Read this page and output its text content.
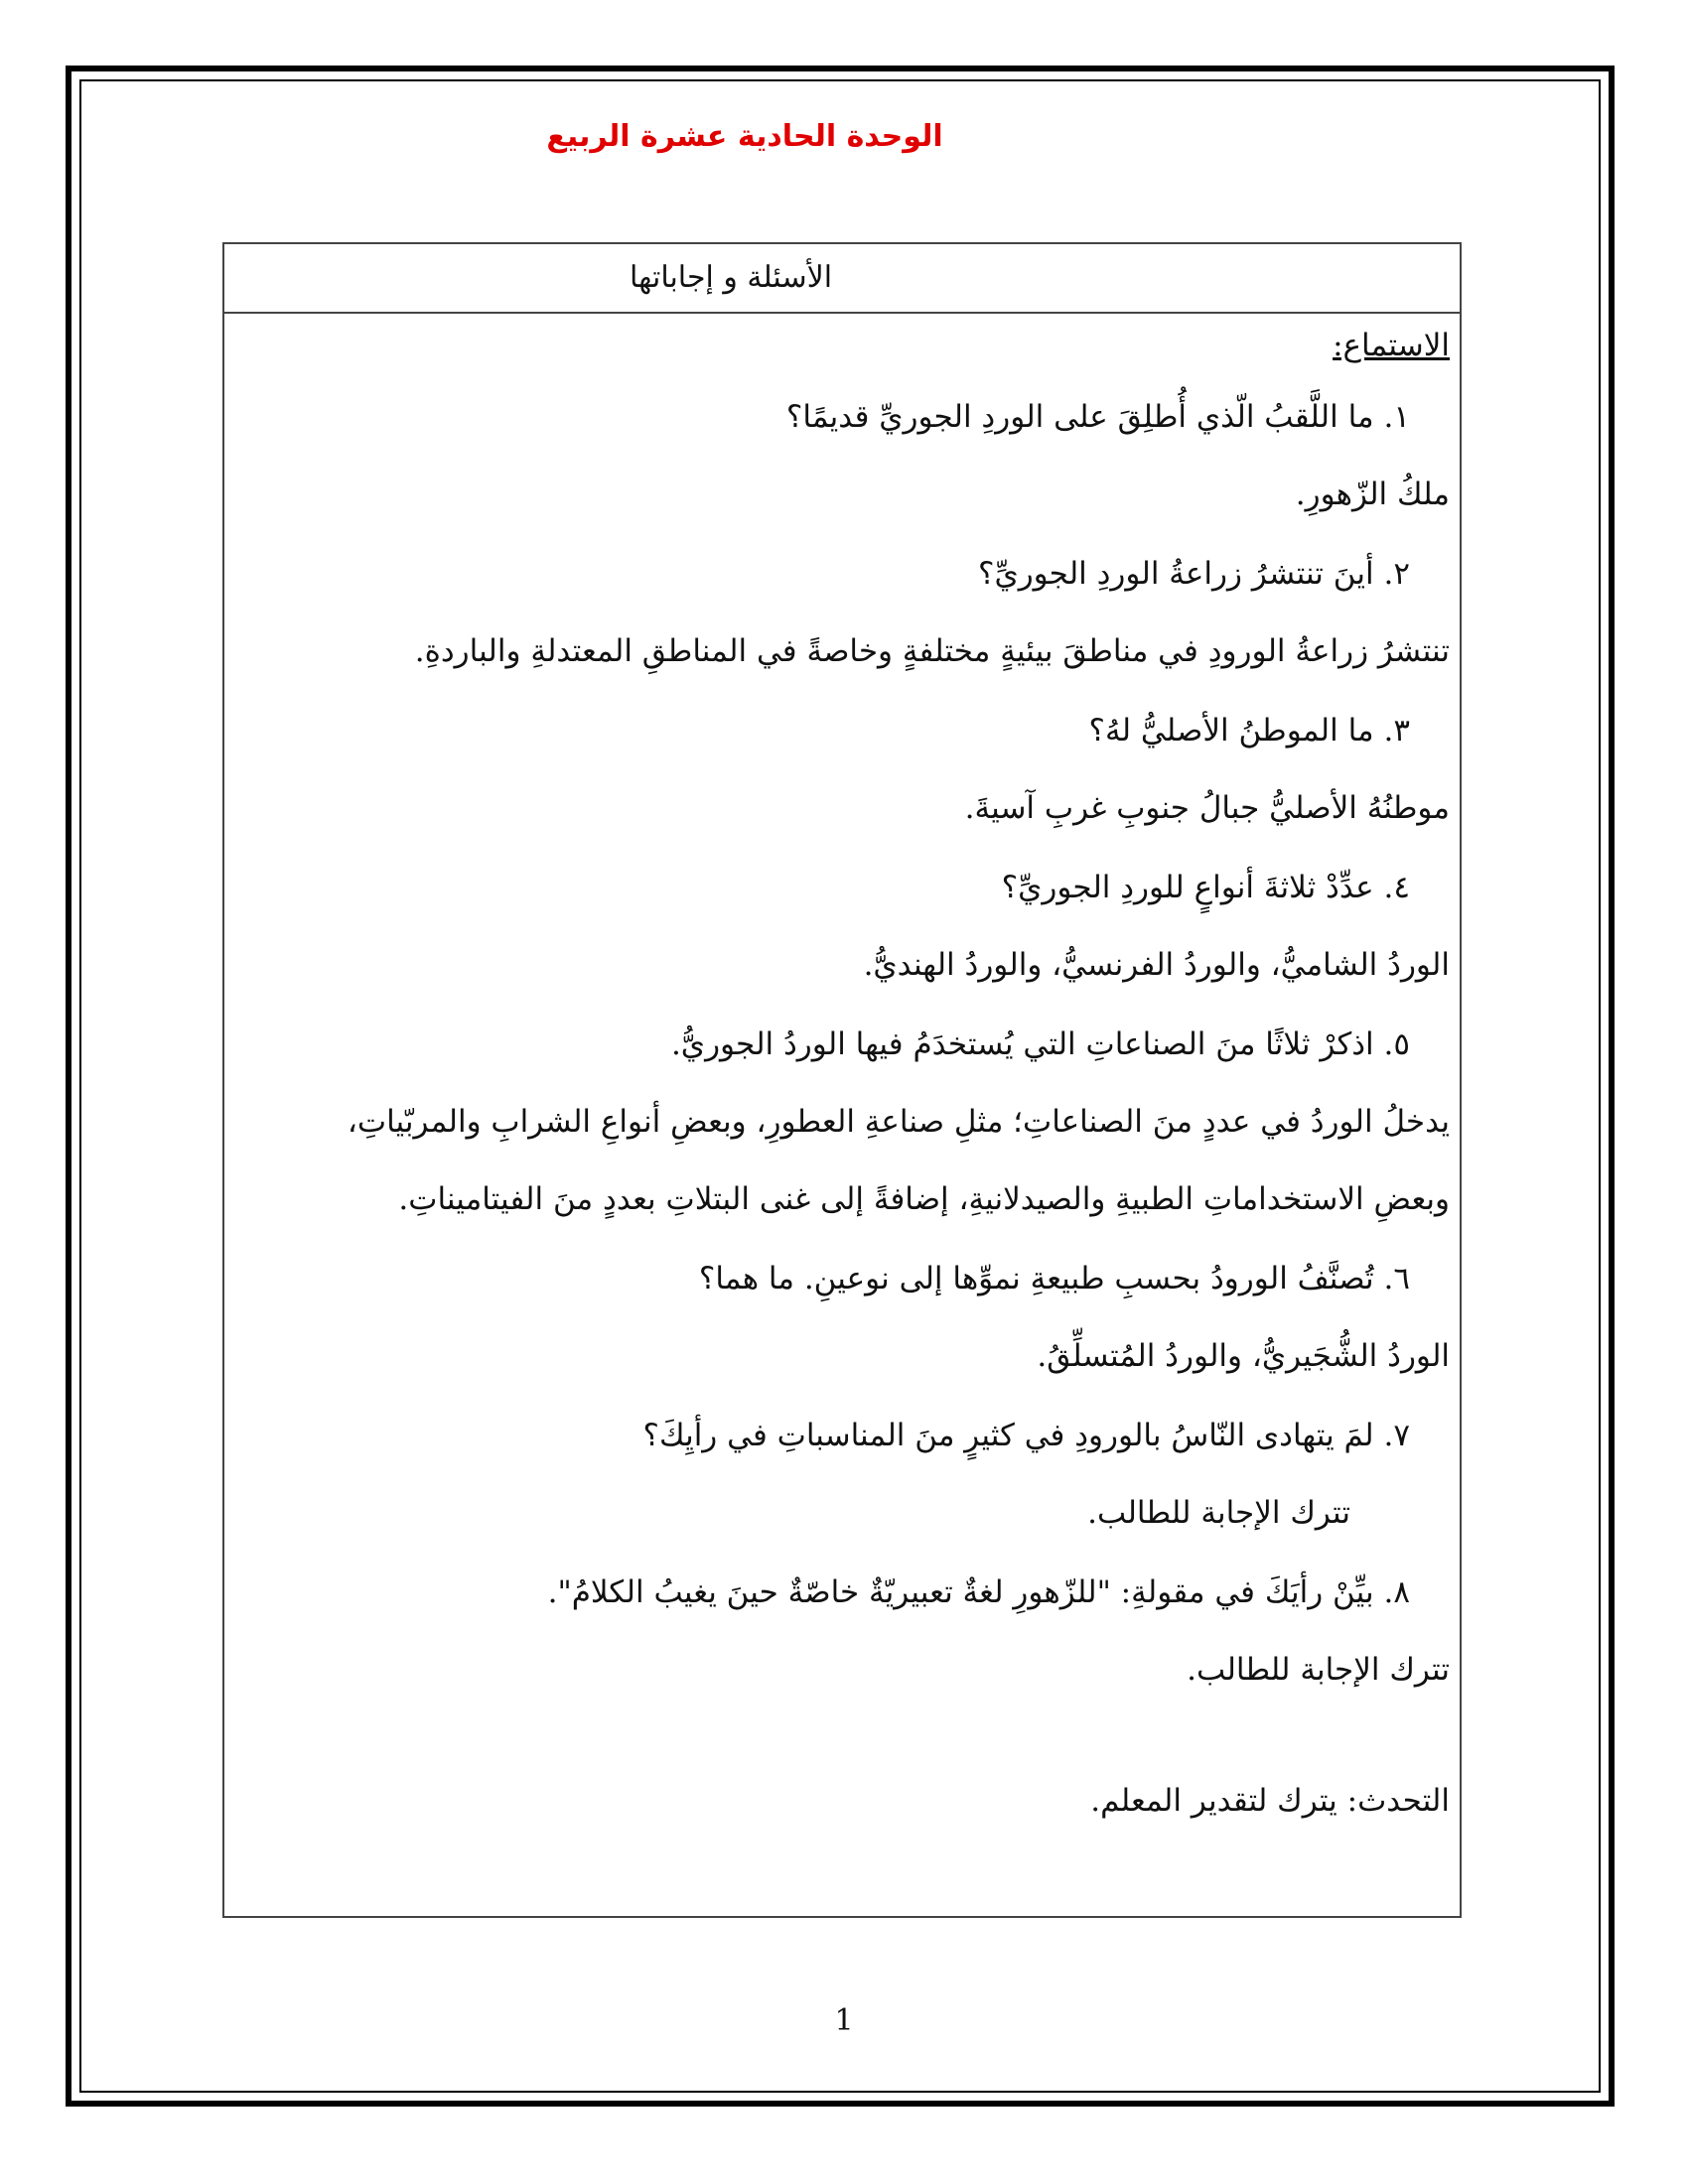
الوحدة الحادية عشرة الربيع
الأسئلة و إجاباتها
الاستماع:
١. ما اللَّقبُ الّذي أُطلِقَ على الوردِ الجوريِّ قديمًا؟
ملكُ الزّهورِ.
٢. أينَ تنتشرُ زراعةُ الوردِ الجوريِّ؟
تنتشرُ زراعةُ الورودِ في مناطقَ بيئيةٍ مختلفةٍ وخاصةً في المناطقِ المعتدلةِ والباردةِ.
٣. ما الموطنُ الأصليُّ لهُ؟
موطنُهُ الأصليُّ جبالُ جنوبِ غربِ آسيةَ.
٤. عدِّدْ ثلاثةَ أنواعٍ للوردِ الجوريِّ؟
الوردُ الشاميُّ، والوردُ الفرنسيُّ، والوردُ الهنديُّ.
٥. اذكرْ ثلاثًا منَ الصناعاتِ التي يُستخدَمُ فيها الوردُ الجوريُّ.
يدخلُ الوردُ في عددٍ منَ الصناعاتِ؛ مثلِ صناعةِ العطورِ، وبعضِ أنواعِ الشرابِ والمربّياتِ،
وبعضِ الاستخداماتِ الطبيةِ والصيدلانيةِ، إضافةً إلى غنى البتلاتِ بعددٍ منَ الفيتاميناتِ.
٦. تُصنَّفُ الورودُ بحسبِ طبيعةِ نموِّها إلى نوعينِ. ما هما؟
الوردُ الشُّجَيريُّ، والوردُ المُتسلِّقُ.
٧. لمَ يتهادى النّاسُ بالورودِ في كثيرٍ منَ المناسباتِ في رأيِكَ؟
تترك الإجابة للطالب.
٨. بيِّنْ رأيَكَ في مقولةِ: "للزّهورِ لغةٌ تعبيريّةٌ خاصّةٌ حينَ يغيبُ الكلامُ".
تترك الإجابة للطالب.
التحدث: يترك لتقدير المعلم.
1
